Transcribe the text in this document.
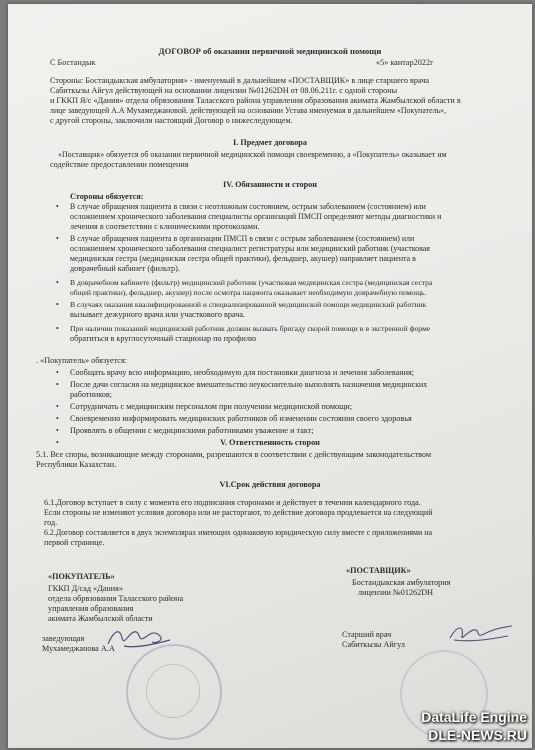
ДОГОВОР об оказании первичной медицинской помощи
С Бостандык	«5» кантар2022г
Стороны: Бостандыкская амбулатория» - именуемый в дальнейшем «ПОСТАВЩИК» в лице старшего врача
Сабиткызы Айгул действующей на основании лицензии №01262DH от 08.06.211г. с одной стороны
и ГККП Я/с «Дания» отдела обрвзования Таласского района управления образования акимата Жамбылской области в
лице заведующей А.А Мухамеджановой. действующей на основании Устава именуемая в дальнейшем «Покупатель»,
с другой стороны, заключили настоящий Договор о нижеследующем.
I. Предмет договора
«Поставщик» обязуется об оказании первичной медицинской помощи своевременно, а «Покупатель» оказывает им
содействие предоставлении помещения
IV. Обязанности и сторон
Стороны обязуется:
• В случае обращения пациента в связи с неотложным состоянием, острым заболеванием (состоянием) или
осложнением хронического заболевания специалисты организаций ПМСП определяют методы диагностики и
лечения в соответствии с клиническими протоколами.
• В случае обращения пациента в организации ПМСП в связи с острым заболеванием (состоянием) или
осложнением хронического заболевания специалист регистратуры или медицинский работник (участковая
медицинская сестра (медицинская сестра общей практики), фельдшер, акушер) направляет пациента в
доврачебный кабинет (фильтр).
• В доврачебном кабинете (фильтр) медицинский работник (участковая медицинская сестра (медицинская сестра
общей практики), фельдшер, акушер) после осмотра пациента оказывает необходимую доврачебную помощь.
• В случаях оказания квалифицированной и специализированной медицинской помощи медицинский работник
вызывает дежурного врача или участкового врача.
• При наличии показаний медицинский работник должен вызвать бригаду скорой помощи и в экстренной форме
обратиться в круглосуточный стационар по профилю
. «Покупатель» обязуется:
• Сообщать врачу всю информацию, необходимую для постановки диагноза и лечения заболевания;
• После дачи согласия на медицинское вмешательство неукоснительно выполнять назначения медицинских
работников;
• Сотрудничать с медицинским персоналом при получении медицинской помощи;
• Своевременно информировать медицинских работников об изменении состояния своего здоровья
• Проявлять в общении с медицинскими работниками уважение и такт;
•	V. Ответственность сторон
5.1. Все споры, возникающие между сторонами, разрешаются в соответствии с действующим законодательством
Республики Казахстан.
VI.Срок действия договора
6.1.Договор вступает в силу с момента его подписания сторонами и действует в течении календарного года.
Если стороны не изменяют условия договора или не расторгают, то действие договора продлевается на следующий
год.
6.2.Договор составляется в двух экземплярах имеющих одинаковую юридическую силу вместе с приложениями на
первой странице.
«ПОКУПАТЕЛЬ»
ГККП Д/сад «Дания»
отдела обрвзования Таласского района
управления образования
акимата Жамбылской области
заведующая
Мухамеджанова А.А
«ПОСТАВЩИК»
Бостандыкская амбулатория
лицензии №01262DH
Старший врач
Сабиткызы Айгул
DataLife Engine
DLE-NEWS.RU
